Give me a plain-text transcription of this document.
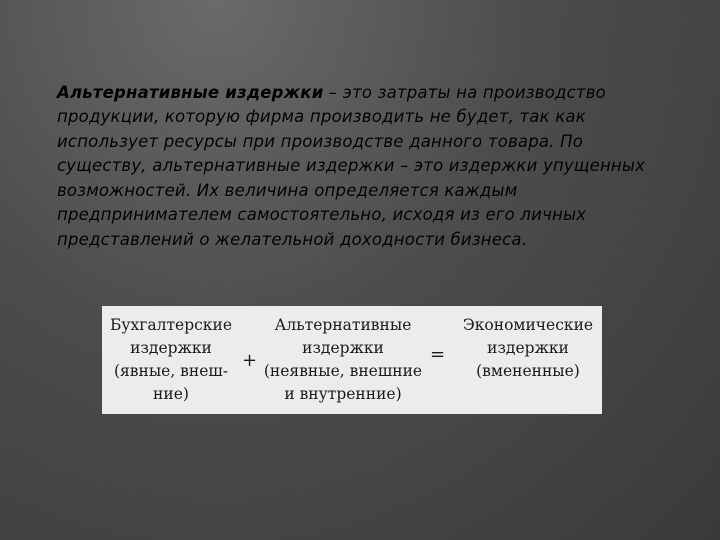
Альтернативные издержки – это затраты на производство продукции, которую фирма производить не будет, так как использует ресурсы при производстве данного товара. По существу, альтернативные издержки – это издержки упущенных возможностей. Их величина определяется каждым предпринимателем самостоятельно, исходя из его личных представлений о желательной доходности бизнеса.

Бухгалтерские
издержки
(явные, внеш-
ние)
+
Альтернативные
издержки
(неявные, внешние
и внутренние)
=
Экономические
издержки
(вмененные)
